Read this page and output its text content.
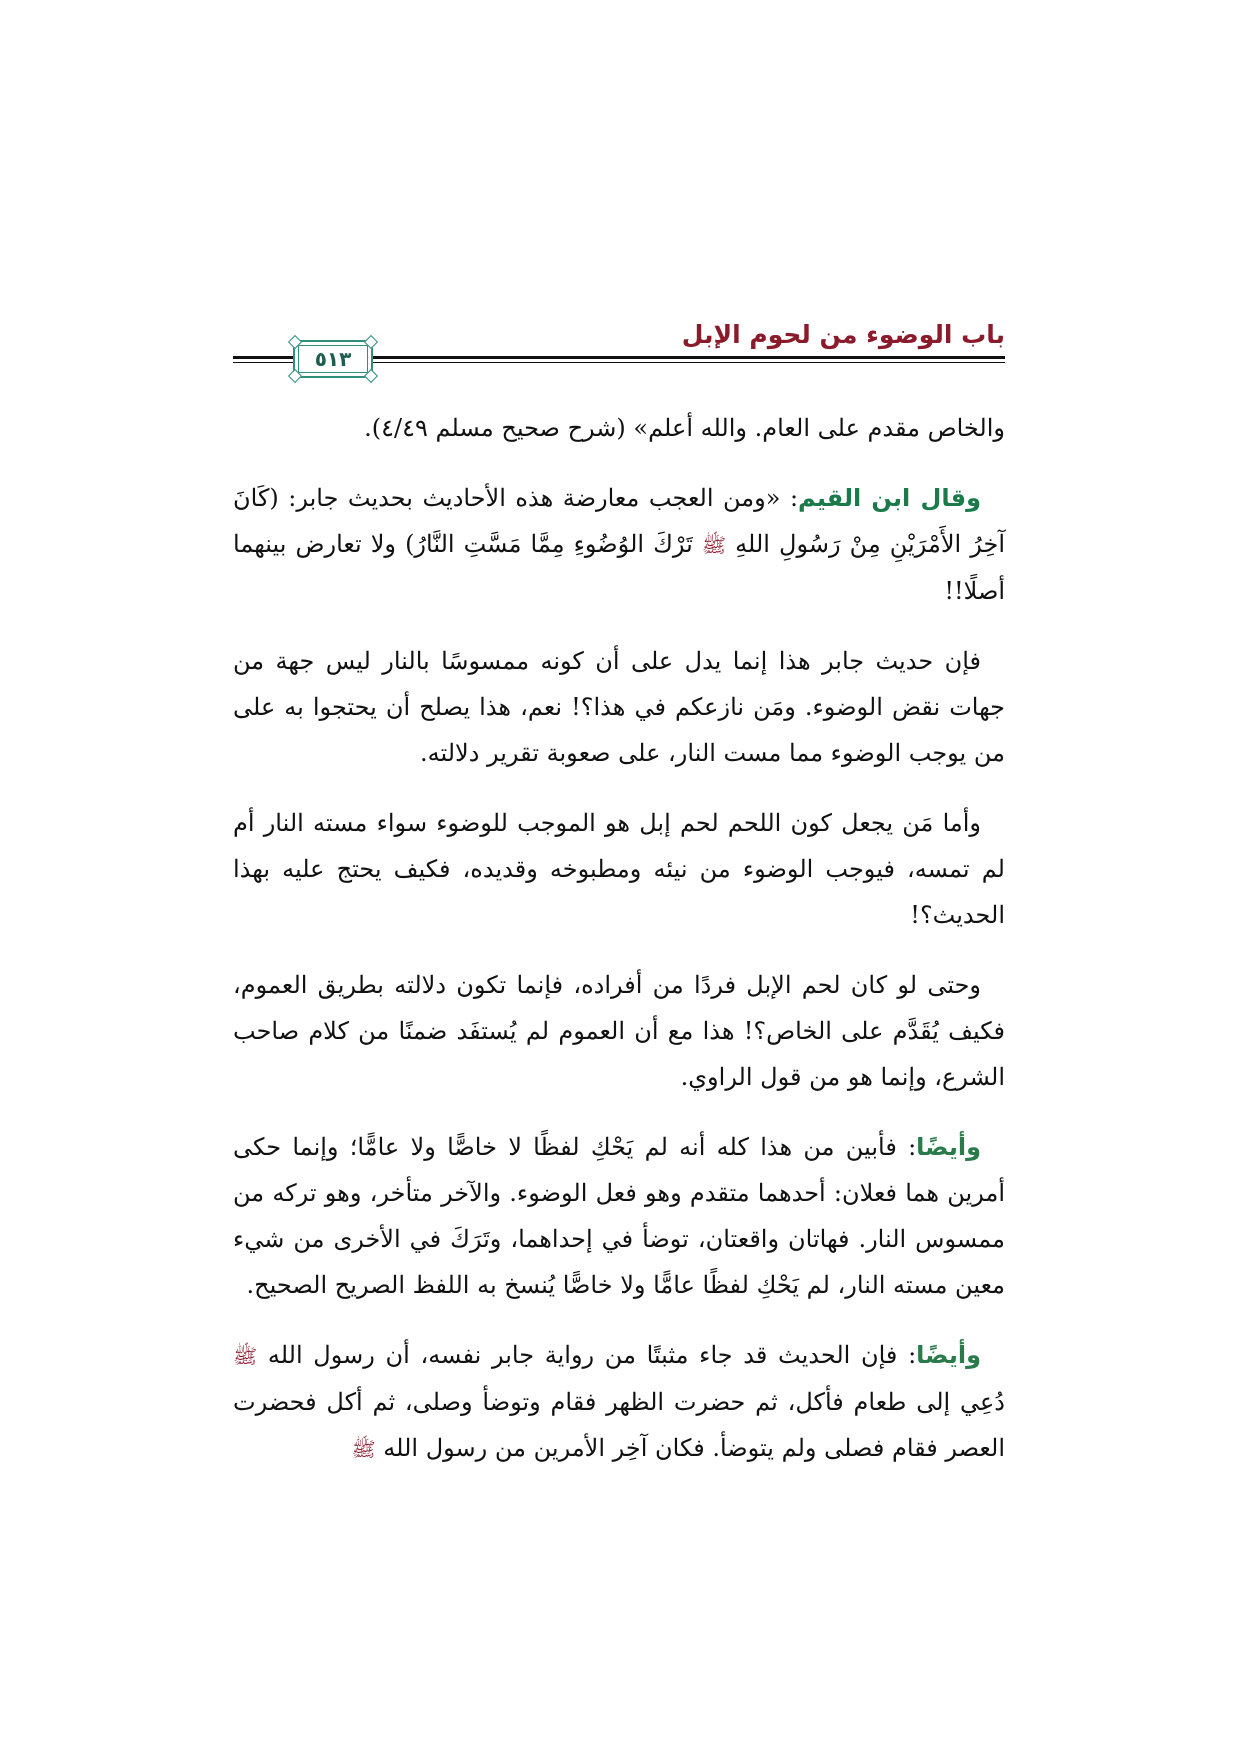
باب الوضوء من لحوم الإبل
٥١٣

والخاص مقدم على العام. والله أعلم» (شرح صحيح مسلم ٤/٤٩).

وقال ابن القيم: «ومن العجب معارضة هذه الأحاديث بحديث جابر: (كَانَ آخِرُ الأَمْرَيْنِ مِنْ رَسُولِ اللهِ ﷺ تَرْكَ الوُضُوءِ مِمَّا مَسَّتِ النَّارُ) ولا تعارض بينهما أصلًا!!

فإن حديث جابر هذا إنما يدل على أن كونه ممسوسًا بالنار ليس جهة من جهات نقض الوضوء. ومَن نازعكم في هذا؟! نعم، هذا يصلح أن يحتجوا به على من يوجب الوضوء مما مست النار، على صعوبة تقرير دلالته.

وأما مَن يجعل كون اللحم لحم إبل هو الموجب للوضوء سواء مسته النار أم لم تمسه، فيوجب الوضوء من نيئه ومطبوخه وقديده، فكيف يحتج عليه بهذا الحديث؟!

وحتى لو كان لحم الإبل فردًا من أفراده، فإنما تكون دلالته بطريق العموم، فكيف يُقَدَّم على الخاص؟! هذا مع أن العموم لم يُستفَد ضمنًا من كلام صاحب الشرع، وإنما هو من قول الراوي.

وأيضًا: فأبين من هذا كله أنه لم يَحْكِ لفظًا لا خاصًّا ولا عامًّا؛ وإنما حكى أمرين هما فعلان: أحدهما متقدم وهو فعل الوضوء. والآخر متأخر، وهو تركه من ممسوس النار. فهاتان واقعتان، توضأ في إحداهما، وتَرَكَ في الأخرى من شيء معين مسته النار، لم يَحْكِ لفظًا عامًّا ولا خاصًّا يُنسخ به اللفظ الصريح الصحيح.

وأيضًا: فإن الحديث قد جاء مثبتًا من رواية جابر نفسه، أن رسول الله ﷺ دُعِي إلى طعام فأكل، ثم حضرت الظهر فقام وتوضأ وصلى، ثم أكل فحضرت العصر فقام فصلى ولم يتوضأ. فكان آخِر الأمرين من رسول الله ﷺ
